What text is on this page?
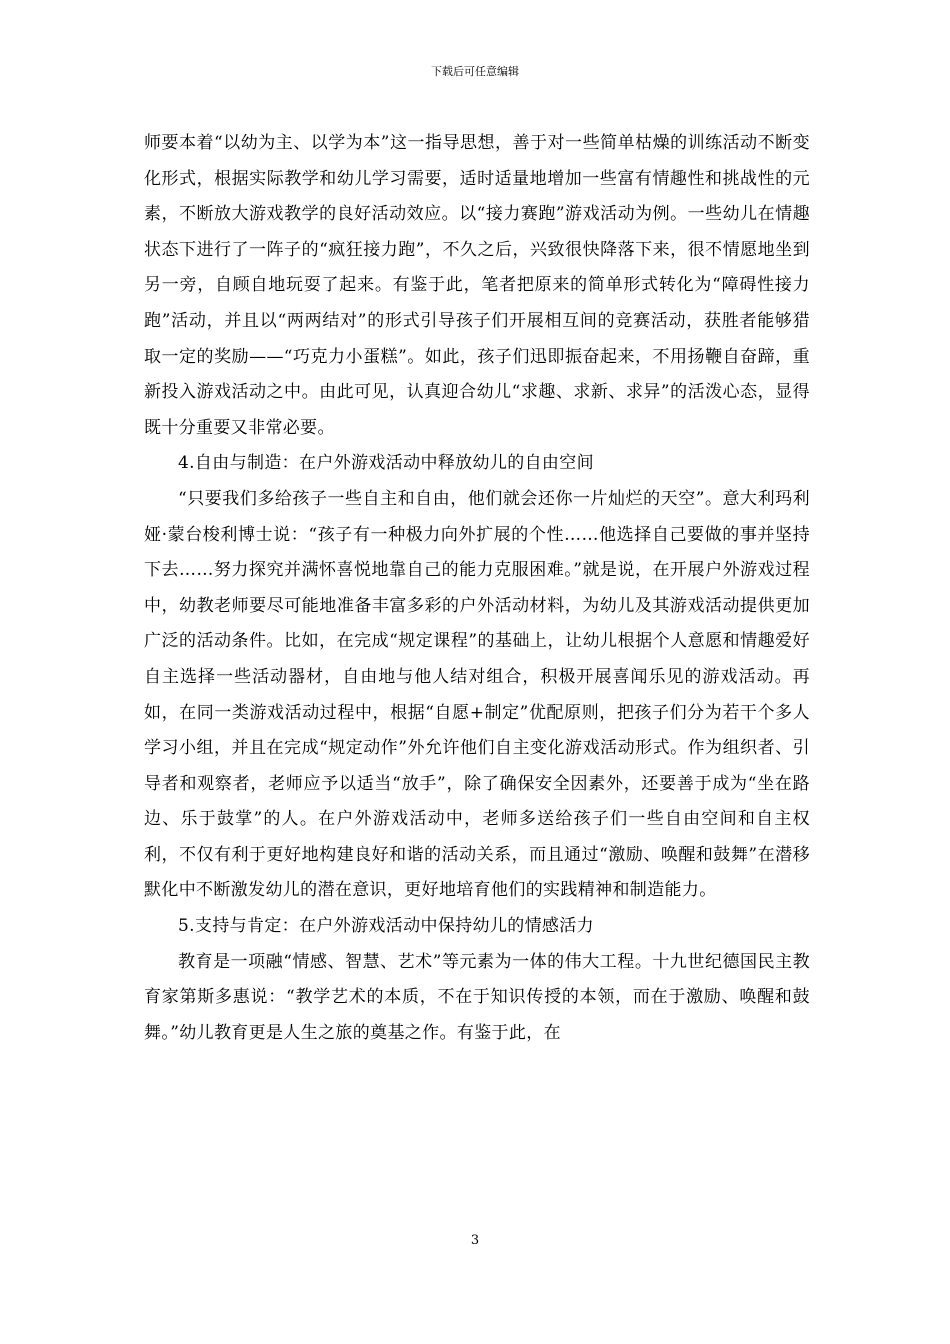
下载后可任意编辑

师要本着“以幼为主、以学为本”这一指导思想，善于对一些简单枯燥的训练活动不断变化形式，根据实际教学和幼儿学习需要，适时适量地增加一些富有情趣性和挑战性的元素，不断放大游戏教学的良好活动效应。以“接力赛跑”游戏活动为例。一些幼儿在情趣状态下进行了一阵子的“疯狂接力跑”，不久之后，兴致很快降落下来，很不情愿地坐到另一旁，自顾自地玩耍了起来。有鉴于此，笔者把原来的简单形式转化为“障碍性接力跑”活动，并且以“两两结对”的形式引导孩子们开展相互间的竞赛活动，获胜者能够猎取一定的奖励——“巧克力小蛋糕”。如此，孩子们迅即振奋起来，不用扬鞭自奋蹄，重新投入游戏活动之中。由此可见，认真迎合幼儿“求趣、求新、求异”的活泼心态，显得既十分重要又非常必要。

4.自由与制造：在户外游戏活动中释放幼儿的自由空间

“只要我们多给孩子一些自主和自由，他们就会还你一片灿烂的天空”。意大利玛利娅·蒙台梭利博士说：“孩子有一种极力向外扩展的个性……他选择自己要做的事并坚持下去……努力探究并满怀喜悦地靠自己的能力克服困难。”就是说，在开展户外游戏过程中，幼教老师要尽可能地准备丰富多彩的户外活动材料，为幼儿及其游戏活动提供更加广泛的活动条件。比如，在完成“规定课程”的基础上，让幼儿根据个人意愿和情趣爱好自主选择一些活动器材，自由地与他人结对组合，积极开展喜闻乐见的游戏活动。再如，在同一类游戏活动过程中，根据“自愿+制定”优配原则，把孩子们分为若干个多人学习小组，并且在完成“规定动作”外允许他们自主变化游戏活动形式。作为组织者、引导者和观察者，老师应予以适当“放手”，除了确保安全因素外，还要善于成为“坐在路边、乐于鼓掌”的人。在户外游戏活动中，老师多送给孩子们一些自由空间和自主权利，不仅有利于更好地构建良好和谐的活动关系，而且通过“激励、唤醒和鼓舞”在潜移默化中不断激发幼儿的潜在意识，更好地培育他们的实践精神和制造能力。

5.支持与肯定：在户外游戏活动中保持幼儿的情感活力

教育是一项融“情感、智慧、艺术”等元素为一体的伟大工程。十九世纪德国民主教育家第斯多惠说：“教学艺术的本质，不在于知识传授的本领，而在于激励、唤醒和鼓舞。”幼儿教育更是人生之旅的奠基之作。有鉴于此，在

3
